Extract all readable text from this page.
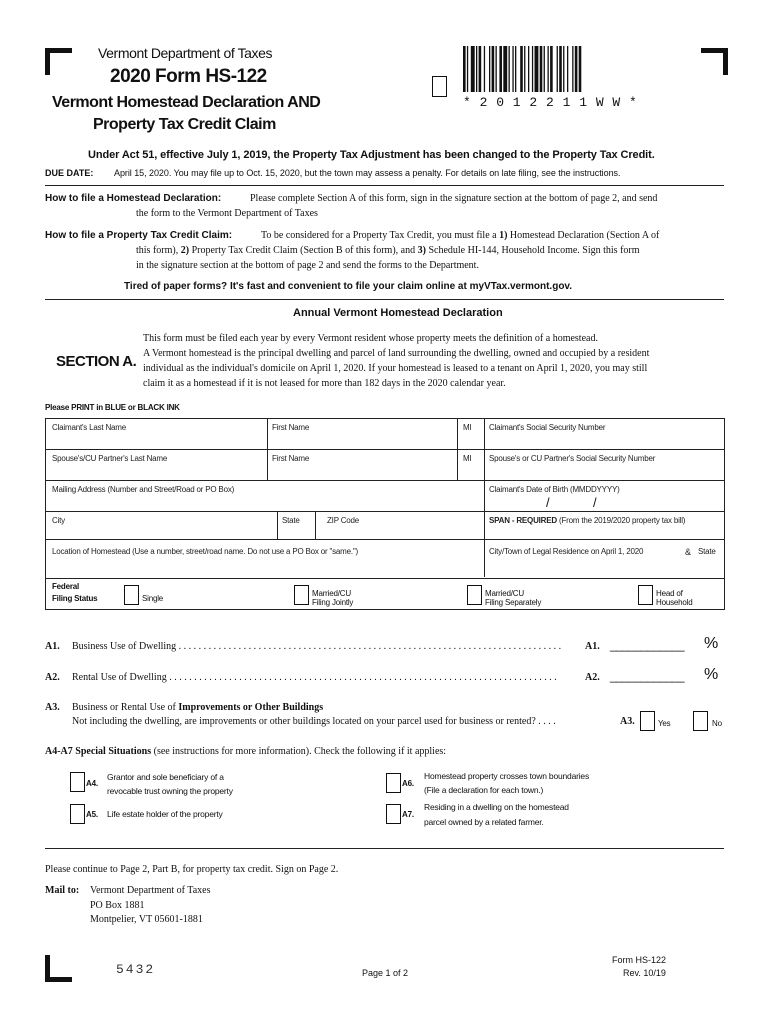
Vermont Department of Taxes
2020 Form HS-122
Vermont Homestead Declaration AND
Property Tax Credit Claim
* 2 0 1 2 2 1 1 W W *
Under Act 51, effective July 1, 2019, the Property Tax Adjustment has been changed to the Property Tax Credit.
DUE DATE: April 15, 2020. You may file up to Oct. 15, 2020, but the town may assess a penalty. For details on late filing, see the instructions.
How to file a Homestead Declaration:	Please complete Section A of this form, sign in the signature section at the bottom of page 2, and send
the form to the Vermont Department of Taxes
How to file a Property Tax Credit Claim:	To be considered for a Property Tax Credit, you must file a 1) Homestead Declaration (Section A of
this form), 2) Property Tax Credit Claim (Section B of this form), and 3) Schedule HI-144, Household Income. Sign this form
in the signature section at the bottom of page 2 and send the forms to the Department.
Tired of paper forms? It's fast and convenient to file your claim online at myVTax.vermont.gov.
Annual Vermont Homestead Declaration
SECTION A.
This form must be filed each year by every Vermont resident whose property meets the definition of a homestead.
A Vermont homestead is the principal dwelling and parcel of land surrounding the dwelling, owned and occupied by a resident
individual as the individual's domicile on April 1, 2020. If your homestead is leased to a tenant on April 1, 2020, you may still
claim it as a homestead if it is not leased for more than 182 days in the 2020 calendar year.
Please PRINT in BLUE or BLACK INK
Claimant's Last Name	First Name	MI Claimant's Social Security Number
Spouse's/CU Partner's Last Name	First Name	MI Spouse's or CU Partner's Social Security Number
Mailing Address (Number and Street/Road or PO Box)	Claimant's Date of Birth (MMDDYYYY)
/            /
City	State	ZIP Code	SPAN - REQUIRED (From the 2019/2020 property tax bill)
Location of Homestead (Use a number, street/road name. Do not use a PO Box or "same.")	City/Town of Legal Residence on April 1, 2020	& State
Federal
Filing Status	Single
Married/CU
Filing Jointly
Married/CU
Filing Separately
Head of
Household
A1. Business Use of Dwelling . . . . . . . . . . . . . . . . . . . . . . . . . . . . . . . . . . . . . . . . . . . . . . . . . . . . . . . . . . . . . . . . . . . . . . . . . . . . .	A1. ____________ %
A2. Rental Use of Dwelling . . . . . . . . . . . . . . . . . . . . . . . . . . . . . . . . . . . . . . . . . . . . . . . . . . . . . . . . . . . . . . . . . . . . . . . . . . . . . .	A2. ____________ %
A3. Business or Rental Use of Improvements or Other Buildings
Not including the dwelling, are improvements or other buildings located on your parcel used for business or rented? . . . .	A3.	Yes	No
A4-A7 Special Situations (see instructions for more information). Check the following if it applies:
A4.
Grantor and sole beneficiary of a
revocable trust owning the property
A5. Life estate holder of the property
A6.
Homestead property crosses town boundaries
(File a declaration for each town.)
A7.
Residing in a dwelling on the homestead
parcel owned by a related farmer.
Please continue to Page 2, Part B, for property tax credit. Sign on Page 2.
Mail to: Vermont Department of Taxes
PO Box 1881
Montpelier, VT 05601-1881
5432	Page 1 of 2
Form HS-122
Rev. 10/19
